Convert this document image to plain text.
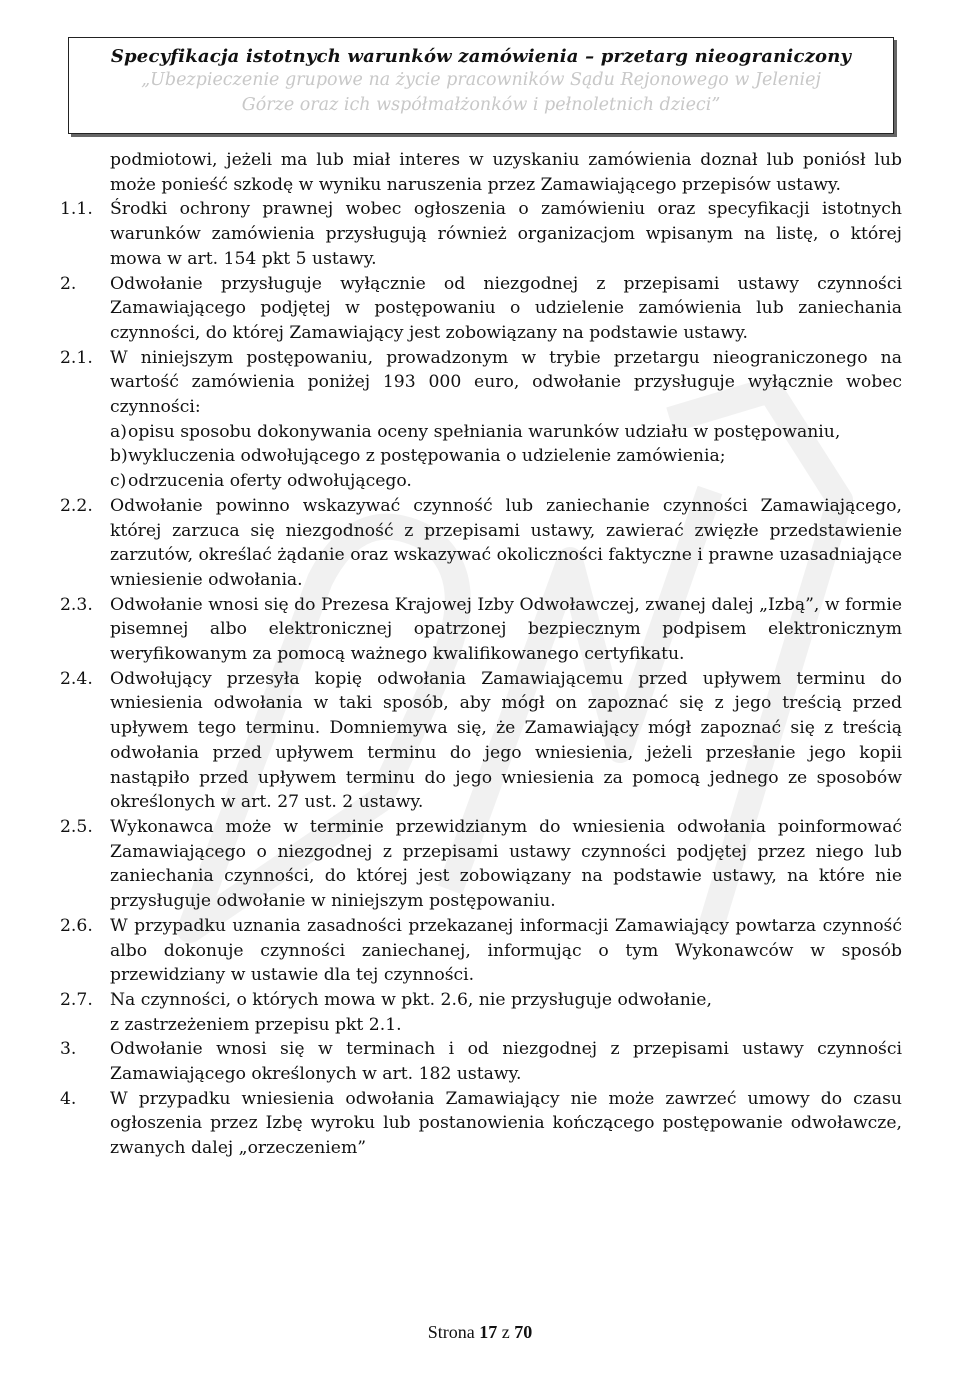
Specyfikacja istotnych warunków zamówienia – przetarg nieograniczony
„Ubezpieczenie grupowe na życie pracowników Sądu Rejonowego w Jeleniej
Górze oraz ich współmałżonków i pełnoletnich dzieci”

podmiotowi, jeżeli ma lub miał interes w uzyskaniu zamówienia doznał lub poniósł lub może ponieść szkodę w wyniku naruszenia przez Zamawiającego przepisów ustawy.

1.1. Środki ochrony prawnej wobec ogłoszenia o zamówieniu oraz specyfikacji istotnych warunków zamówienia przysługują również organizacjom wpisanym na listę, o której mowa w art. 154 pkt 5 ustawy.
2. Odwołanie przysługuje wyłącznie od niezgodnej z przepisami ustawy czynności Zamawiającego podjętej w postępowaniu o udzielenie zamówienia lub zaniechania czynności, do której Zamawiający jest zobowiązany na podstawie ustawy.
2.1. W niniejszym postępowaniu, prowadzonym w trybie przetargu nieograniczonego na wartość zamówienia poniżej 193 000 euro, odwołanie przysługuje wyłącznie wobec czynności:
a) opisu sposobu dokonywania oceny spełniania warunków udziału w postępowaniu,
b) wykluczenia odwołującego z postępowania o udzielenie zamówienia;
c) odrzucenia oferty odwołującego.
2.2. Odwołanie powinno wskazywać czynność lub zaniechanie czynności Zamawiającego, której zarzuca się niezgodność z przepisami ustawy, zawierać zwięzłe przedstawienie zarzutów, określać żądanie oraz wskazywać okoliczności faktyczne i prawne uzasadniające wniesienie odwołania.
2.3. Odwołanie wnosi się do Prezesa Krajowej Izby Odwoławczej, zwanej dalej „Izbą”, w formie pisemnej albo elektronicznej opatrzonej bezpiecznym podpisem elektronicznym weryfikowanym za pomocą ważnego kwalifikowanego certyfikatu.
2.4. Odwołujący przesyła kopię odwołania Zamawiającemu przed upływem terminu do wniesienia odwołania w taki sposób, aby mógł on zapoznać się z jego treścią przed upływem tego terminu. Domniemywa się, że Zamawiający mógł zapoznać się z treścią odwołania przed upływem terminu do jego wniesienia, jeżeli przesłanie jego kopii nastąpiło przed upływem terminu do jego wniesienia za pomocą jednego ze sposobów określonych w art. 27 ust. 2 ustawy.
2.5. Wykonawca może w terminie przewidzianym do wniesienia odwołania poinformować Zamawiającego o niezgodnej z przepisami ustawy czynności podjętej przez niego lub zaniechania czynności, do której jest zobowiązany na podstawie ustawy, na które nie przysługuje odwołanie w niniejszym postępowaniu.
2.6. W przypadku uznania zasadności przekazanej informacji Zamawiający powtarza czynność albo dokonuje czynności zaniechanej, informując o tym Wykonawców w sposób przewidziany w ustawie dla tej czynności.
2.7. Na czynności, o których mowa w pkt. 2.6, nie przysługuje odwołanie,
z zastrzeżeniem przepisu pkt 2.1.
3. Odwołanie wnosi się w terminach i od niezgodnej z przepisami ustawy czynności Zamawiającego określonych w art. 182 ustawy.
4. W przypadku wniesienia odwołania Zamawiający nie może zawrzeć umowy do czasu ogłoszenia przez Izbę wyroku lub postanowienia kończącego postępowanie odwoławcze, zwanych dalej „orzeczeniem”
Strona 17 z 70
